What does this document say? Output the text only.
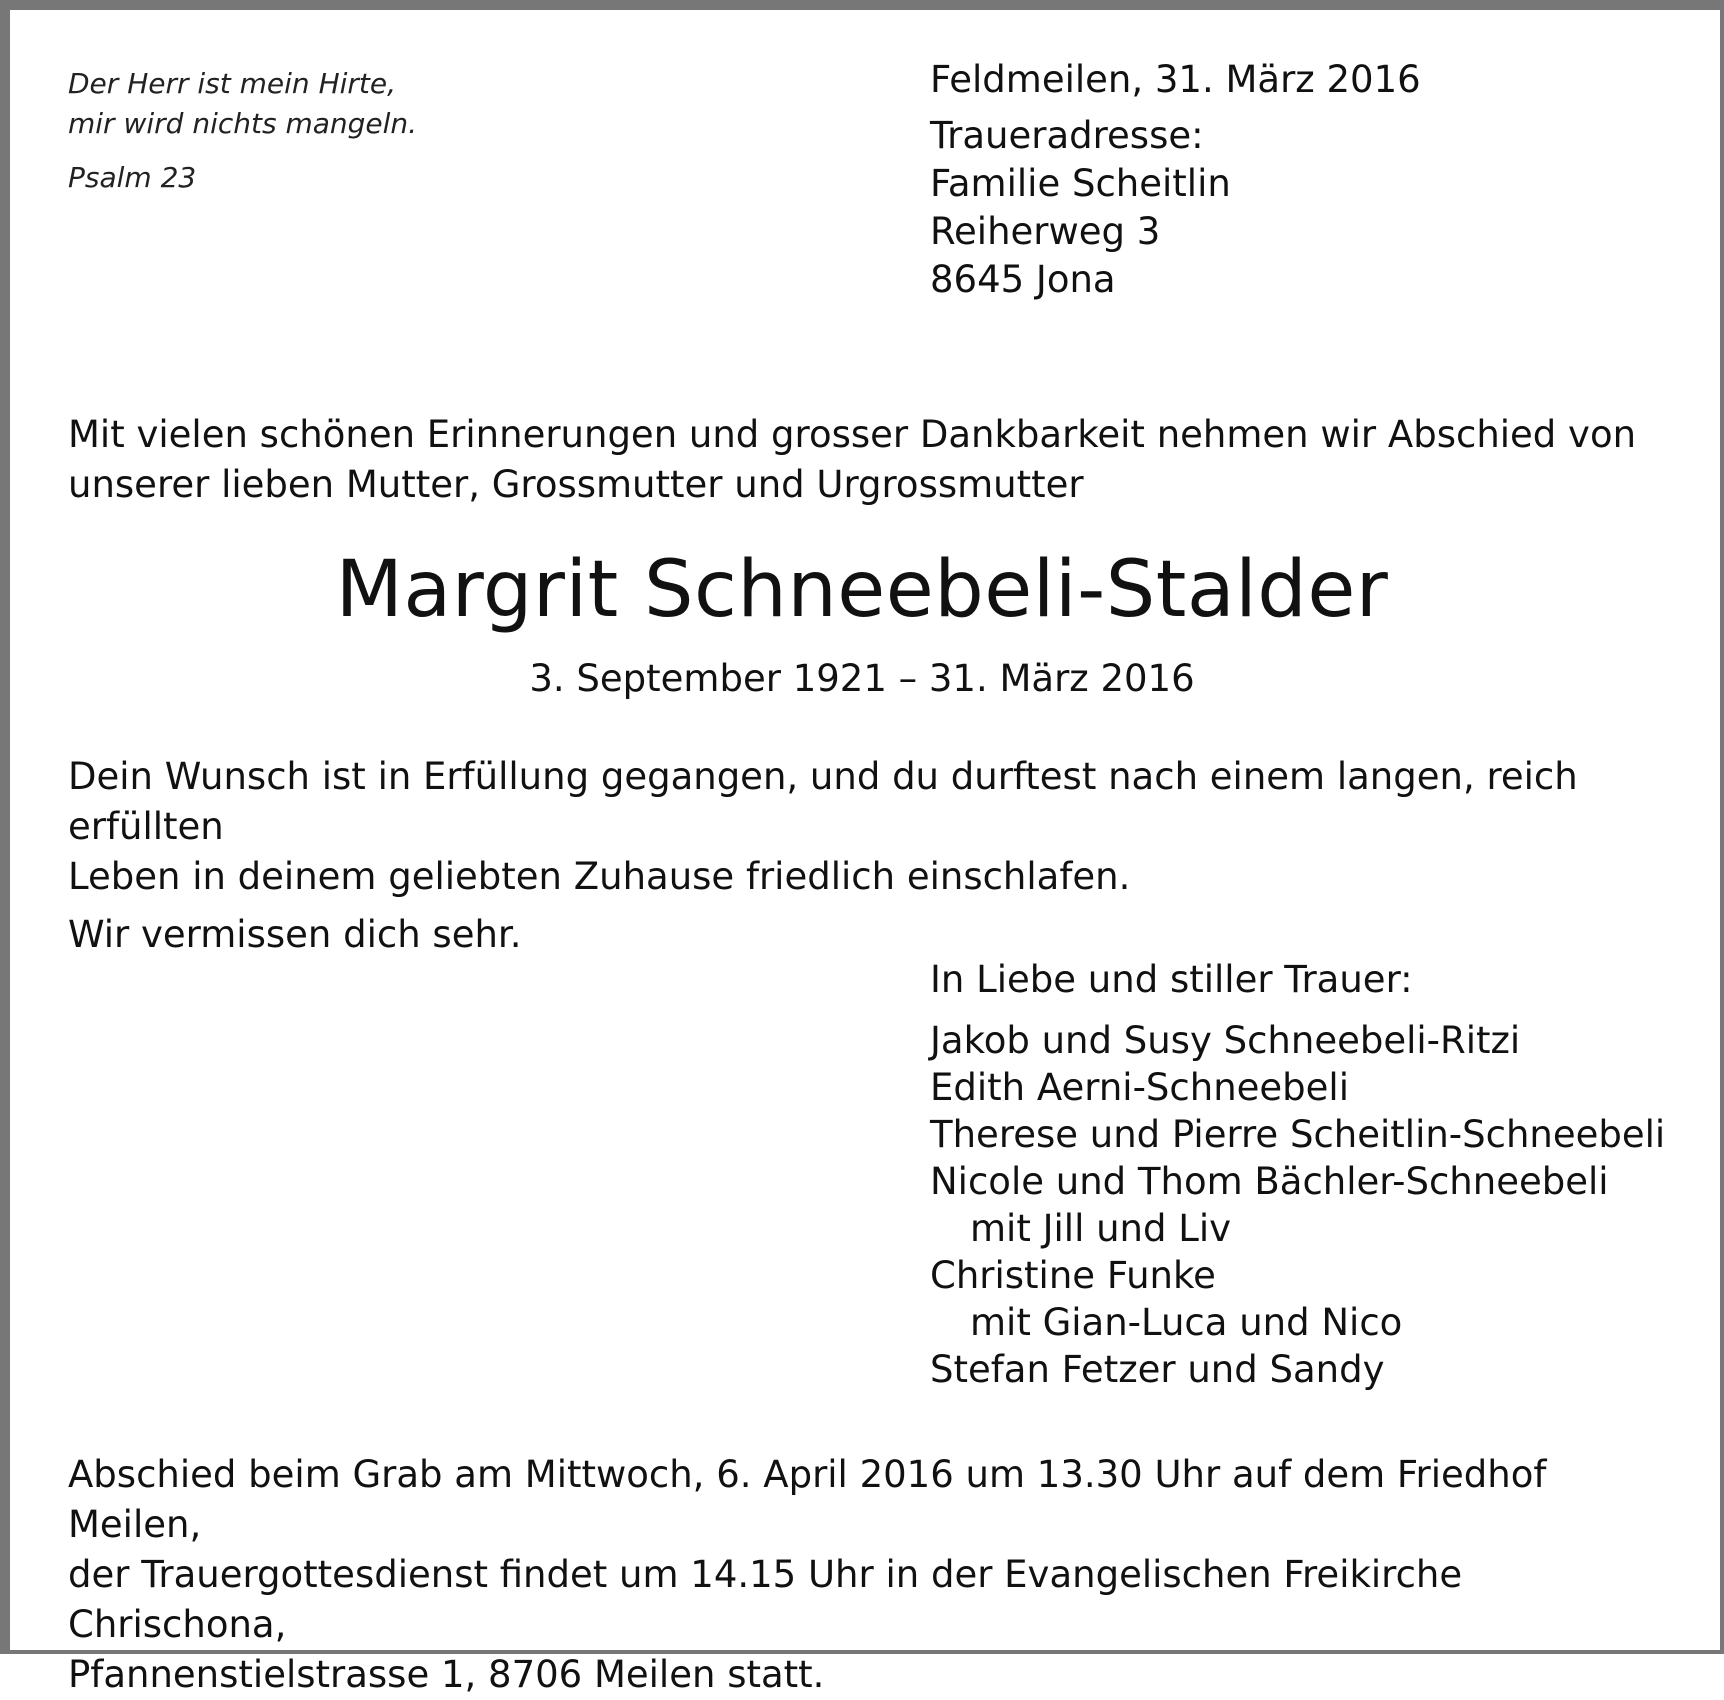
Der Herr ist mein Hirte,
mir wird nichts mangeln.
Psalm 23
Feldmeilen, 31. März 2016
Traueradresse:
Familie Scheitlin
Reiherweg 3
8645 Jona

Mit vielen schönen Erinnerungen und grosser Dankbarkeit nehmen wir Abschied von

unserer lieben Mutter, Grossmutter und Urgrossmutter

Margrit Schneebeli-Stalder
3. September 1921 – 31. März 2016

Dein Wunsch ist in Erfüllung gegangen, und du durftest nach einem langen, reich erfüllten

Leben in deinem geliebten Zuhause friedlich einschlafen.

Wir vermissen dich sehr.

In Liebe und stiller Trauer:
Jakob und Susy Schneebeli-Ritzi
Edith Aerni-Schneebeli
Therese und Pierre Scheitlin-Schneebeli
Nicole und Thom Bächler-Schneebeli
mit Jill und Liv
Christine Funke
mit Gian-Luca und Nico
Stefan Fetzer und Sandy
Abschied beim Grab am Mittwoch, 6. April 2016 um 13.30 Uhr auf dem Friedhof Meilen,
der Trauergottesdienst findet um 14.15 Uhr in der Evangelischen Freikirche Chrischona,
Pfannenstielstrasse 1, 8706 Meilen statt.
